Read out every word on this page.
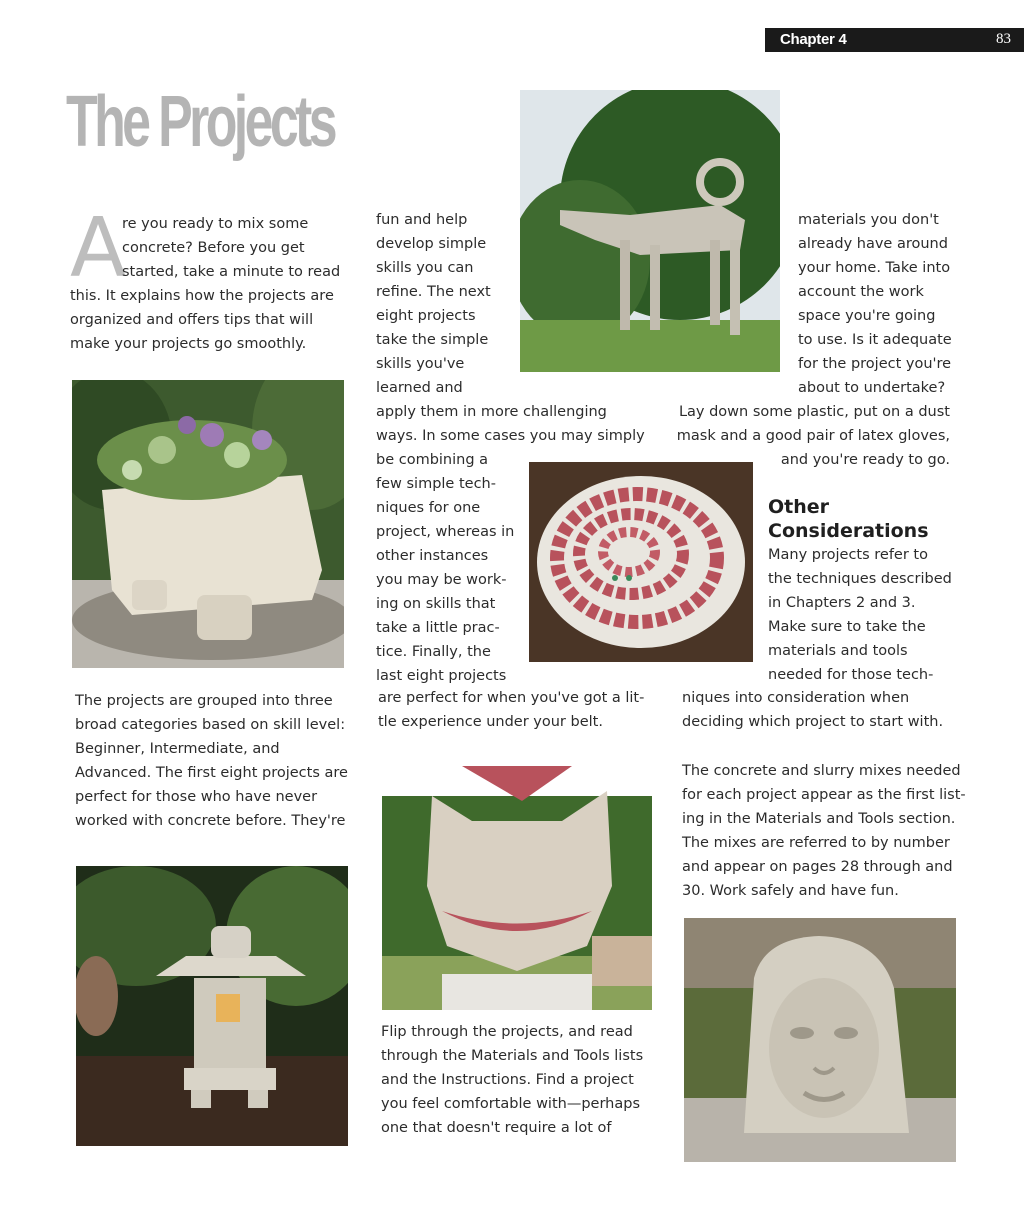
Chapter 4	83
The Projects
A
re you ready to mix some
concrete? Before you get
started, take a minute to read
this. It explains how the projects are
organized and offers tips that will
make your projects go smoothly.
The projects are grouped into three
broad categories based on skill level:
Beginner, Intermediate, and
Advanced. The first eight projects are
perfect for those who have never
worked with concrete before. They're
fun and help
develop simple
skills you can
refine. The next
eight projects
take the simple
skills you've
learned and
apply them in more challenging
ways. In some cases you may simply
be combining a
few simple tech-
niques for one
project, whereas in
other instances
you may be work-
ing on skills that
take a little prac-
tice. Finally, the
last eight projects
are perfect for when you've got a lit-
tle experience under your belt.
Flip through the projects, and read
through the Materials and Tools lists
and the Instructions. Find a project
you feel comfortable with—perhaps
one that doesn't require a lot of
materials you don't
already have around
your home. Take into
account the work
space you're going
to use. Is it adequate
for the project you're
about to undertake?
Lay down some plastic, put on a dust
mask and a good pair of latex gloves,
and you're ready to go.
Other
Considerations
Many projects refer to
the techniques described
in Chapters 2 and 3.
Make sure to take the
materials and tools
needed for those tech-
niques into consideration when
deciding which project to start with.
The concrete and slurry mixes needed
for each project appear as the first list-
ing in the Materials and Tools section.
The mixes are referred to by number
and appear on pages 28 through and
30. Work safely and have fun.
